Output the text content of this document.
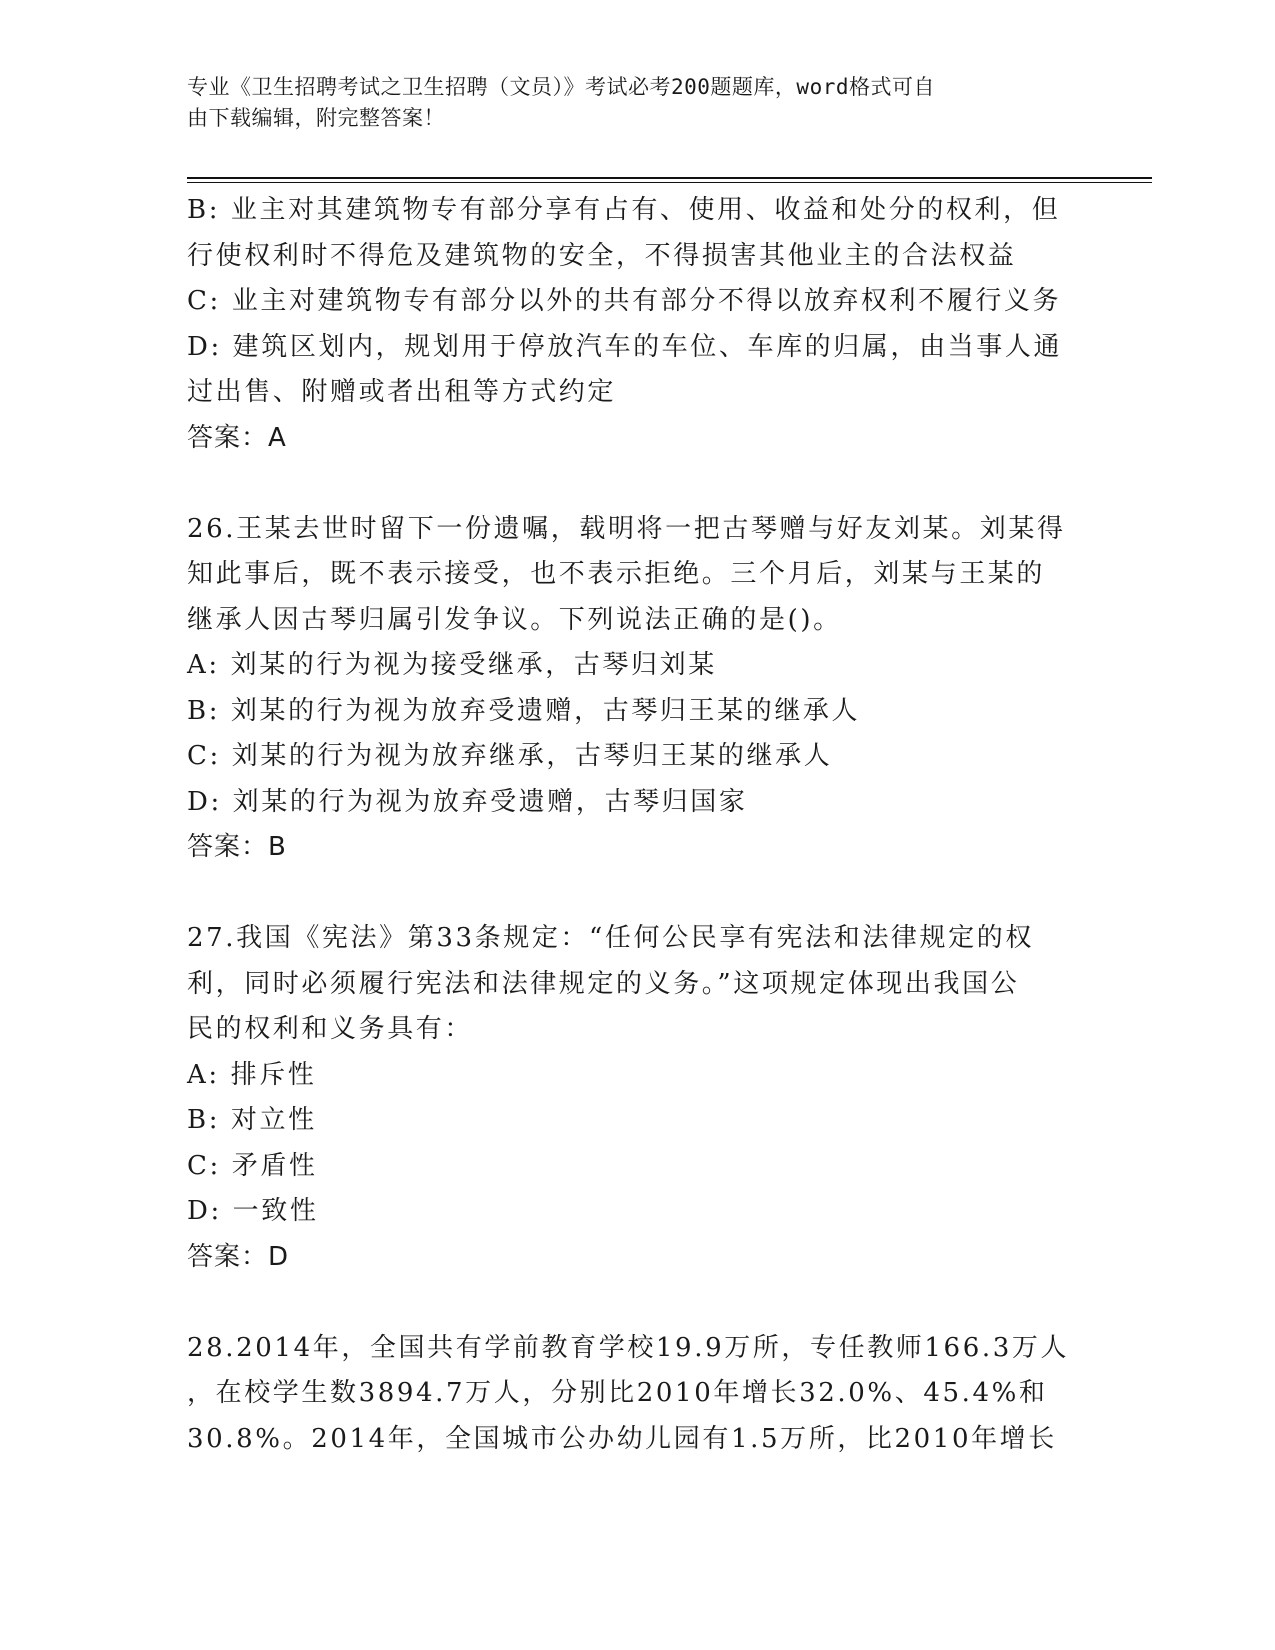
专业《卫生招聘考试之卫生招聘（文员）》考试必考200题题库，word格式可自
由下载编辑，附完整答案！
B: 业主对其建筑物专有部分享有占有、使用、收益和处分的权利，但
行使权利时不得危及建筑物的安全，不得损害其他业主的合法权益
C: 业主对建筑物专有部分以外的共有部分不得以放弃权利不履行义务
D: 建筑区划内，规划用于停放汽车的车位、车库的归属，由当事人通
过出售、附赠或者出租等方式约定
答案：A
26.王某去世时留下一份遗嘱，载明将一把古琴赠与好友刘某。刘某得
知此事后，既不表示接受，也不表示拒绝。三个月后，刘某与王某的
继承人因古琴归属引发争议。下列说法正确的是()。
A: 刘某的行为视为接受继承，古琴归刘某
B: 刘某的行为视为放弃受遗赠，古琴归王某的继承人
C: 刘某的行为视为放弃继承，古琴归王某的继承人
D: 刘某的行为视为放弃受遗赠，古琴归国家
答案：B
27.我国《宪法》第33条规定：“任何公民享有宪法和法律规定的权
利，同时必须履行宪法和法律规定的义务。”这项规定体现出我国公
民的权利和义务具有：
A: 排斥性
B: 对立性
C: 矛盾性
D: 一致性
答案：D
28.2014年，全国共有学前教育学校19.9万所，专任教师166.3万人
，在校学生数3894.7万人，分别比2010年增长32.0%、45.4%和
30.8%。2014年，全国城市公办幼儿园有1.5万所，比2010年增长
